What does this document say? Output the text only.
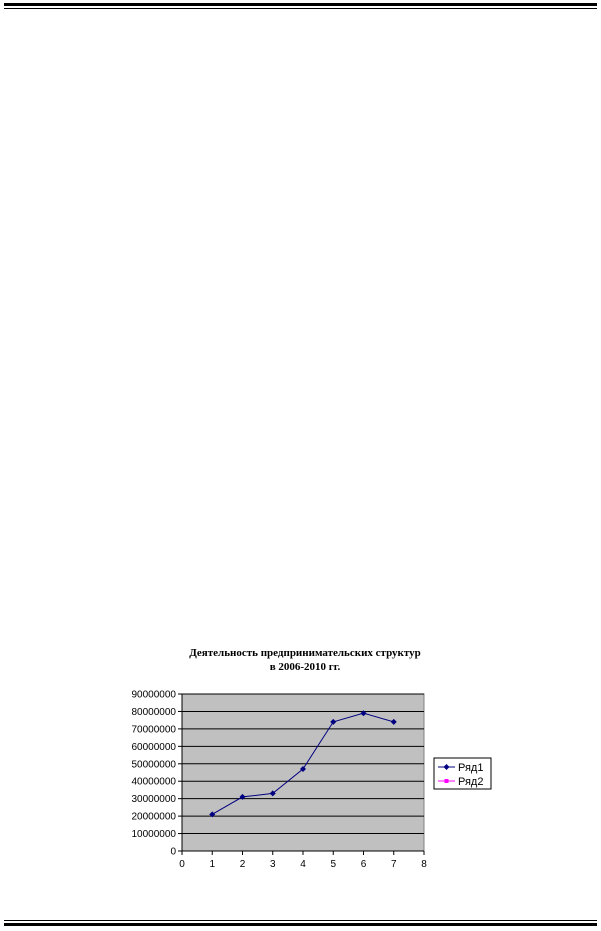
Деятельность предпринимательских структур
в 2006-2010 гг.
0
10000000
20000000
30000000
40000000
50000000
60000000
70000000
80000000
90000000
0 1 2 3 4 5 6 7 8
Ряд1
Ряд2
